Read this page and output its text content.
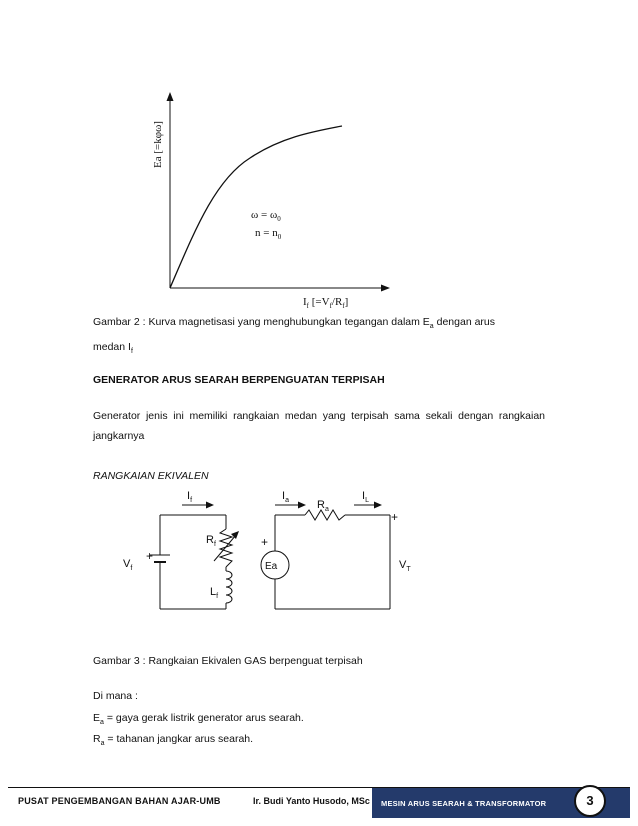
Ea [=kφω]
$\omega = \omega_0$
$n = n_0$
$I_f$ $[=V_f/R_f]$
Gambar 2 : Kurva magnetisasi yang menghubungkan tegangan dalam $E_a$ dengan arus
medan $I_f$
GENERATOR ARUS SEARAH BERPENGUATAN TERPISAH
Generator jenis ini memiliki rangkaian medan yang terpisah sama sekali dengan rangkaian jangkarnya
RANGKAIAN EKIVALEN
$I_f$
+
$V_f$
$R_f$
$L_f$
Ea
+
$R_a$
$I_a$	$I_L$
+
$V_T$
Gambar 3 : Rangkaian Ekivalen GAS berpenguat terpisah
Di mana :
$E_a$ = gaya gerak listrik generator arus searah.
$R_a$ = tahanan jangkar arus searah.
PUSAT PENGEMBANGAN BAHAN AJAR-UMB	Ir. Budi Yanto Husodo, MSc MESIN ARUS SEARAH & TRANSFORMATOR	3
